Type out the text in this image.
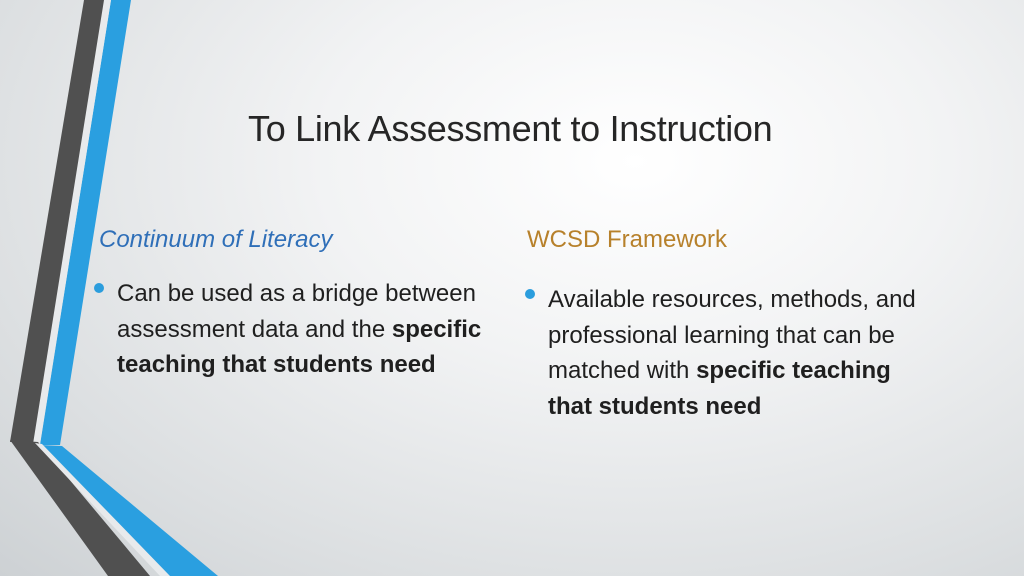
To Link Assessment to Instruction
Continuum of Literacy
Can be used as a bridge between assessment data and the specific teaching that students need
WCSD Framework
Available resources, methods, and professional learning that can be matched with specific teaching that students need
